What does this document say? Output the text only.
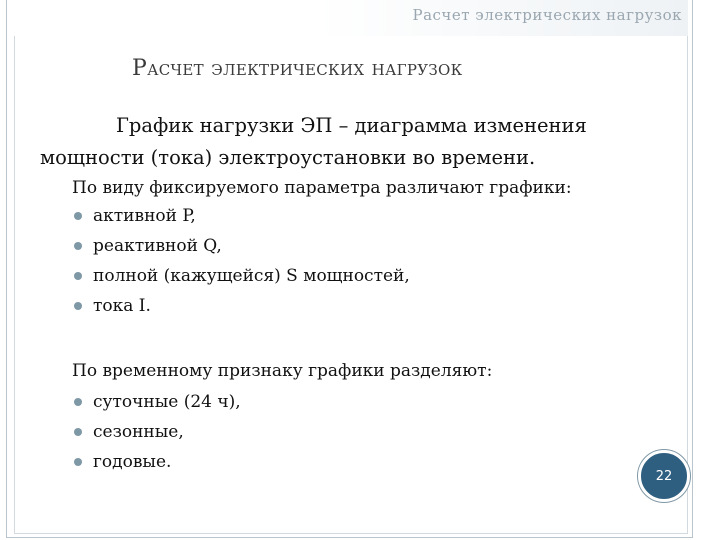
Расчет электрических нагрузок
Расчет электрических нагрузок
График нагрузки ЭП – диаграмма изменения мощности (тока) электроустановки во времени.
По виду фиксируемого параметра различают графики:
активной P,
реактивной Q,
полной (кажущейся) S мощностей,
тока I.
По временному признаку графики разделяют:
суточные (24 ч),
сезонные,
годовые.
22
